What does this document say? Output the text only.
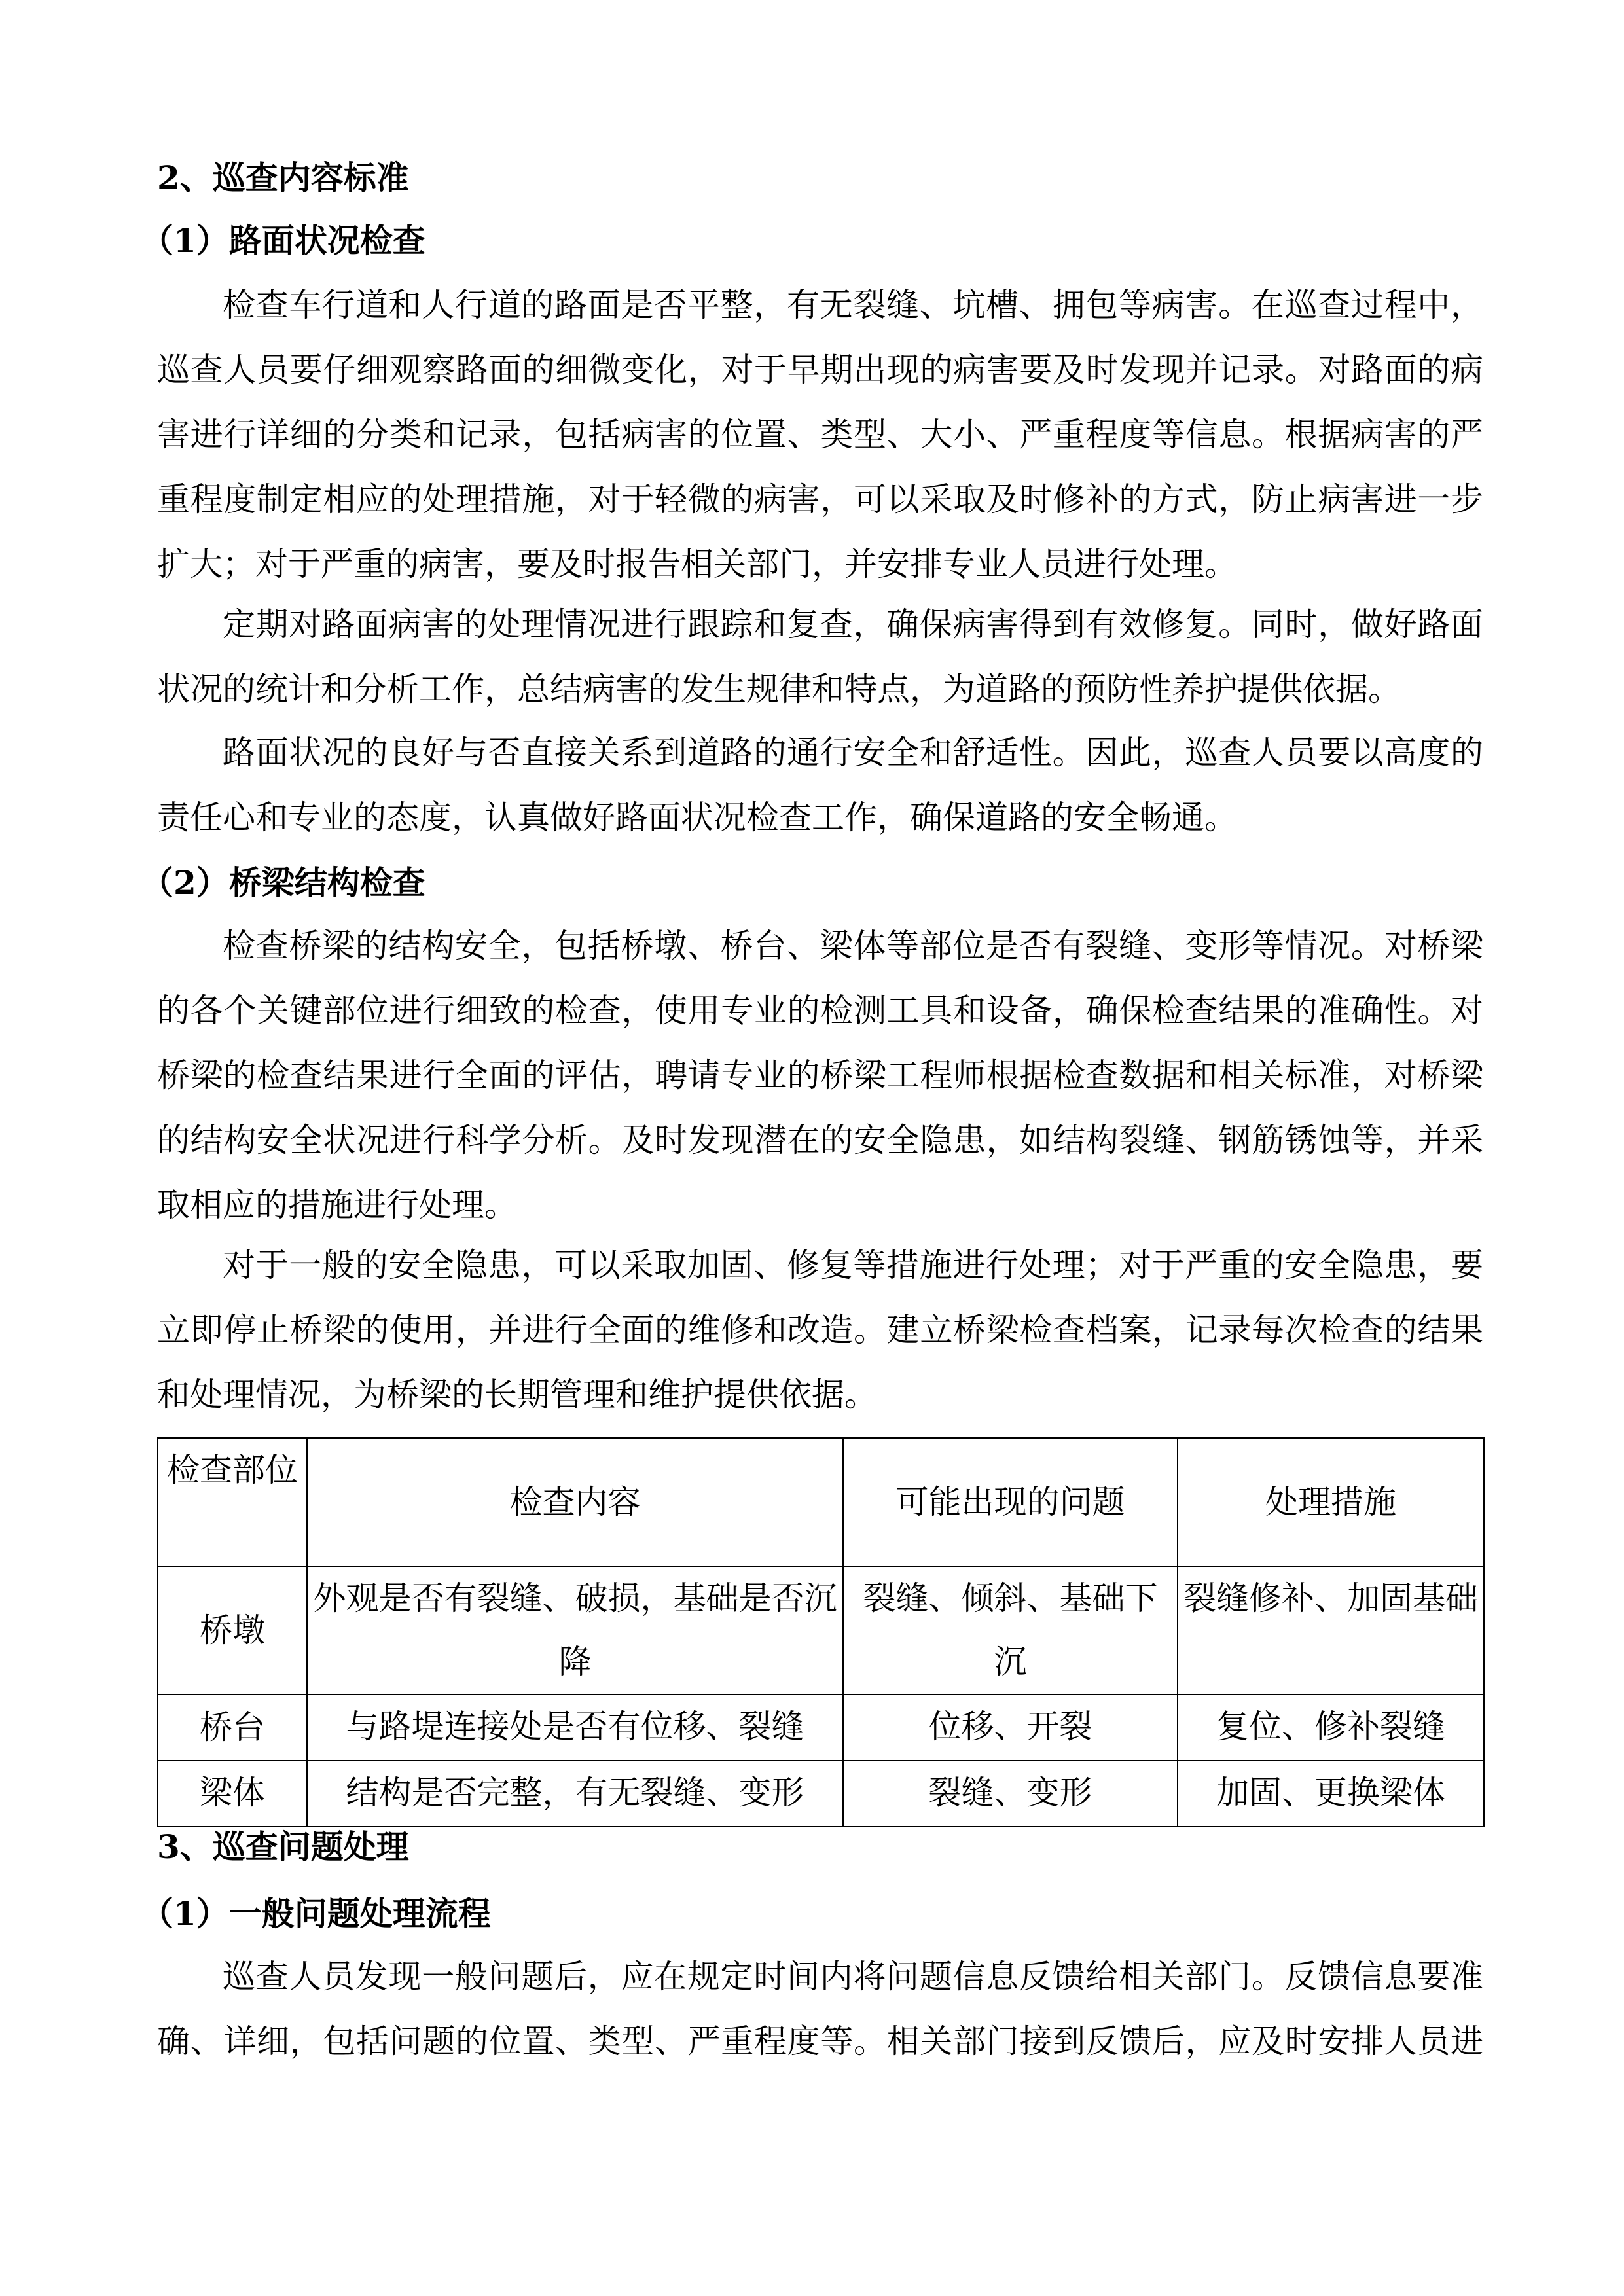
2、巡查内容标准
（1）路面状况检查
检查车行道和人行道的路面是否平整，有无裂缝、坑槽、拥包等病害。在巡查过程中，巡查人员要仔细观察路面的细微变化，对于早期出现的病害要及时发现并记录。对路面的病害进行详细的分类和记录，包括病害的位置、类型、大小、严重程度等信息。根据病害的严重程度制定相应的处理措施，对于轻微的病害，可以采取及时修补的方式，防止病害进一步扩大；对于严重的病害，要及时报告相关部门，并安排专业人员进行处理。
定期对路面病害的处理情况进行跟踪和复查，确保病害得到有效修复。同时，做好路面状况的统计和分析工作，总结病害的发生规律和特点，为道路的预防性养护提供依据。
路面状况的良好与否直接关系到道路的通行安全和舒适性。因此，巡查人员要以高度的责任心和专业的态度，认真做好路面状况检查工作，确保道路的安全畅通。
（2）桥梁结构检查
检查桥梁的结构安全，包括桥墩、桥台、梁体等部位是否有裂缝、变形等情况。对桥梁的各个关键部位进行细致的检查，使用专业的检测工具和设备，确保检查结果的准确性。对桥梁的检查结果进行全面的评估，聘请专业的桥梁工程师根据检查数据和相关标准，对桥梁的结构安全状况进行科学分析。及时发现潜在的安全隐患，如结构裂缝、钢筋锈蚀等，并采取相应的措施进行处理。
对于一般的安全隐患，可以采取加固、修复等措施进行处理；对于严重的安全隐患，要立即停止桥梁的使用，并进行全面的维修和改造。建立桥梁检查档案，记录每次检查的结果和处理情况，为桥梁的长期管理和维护提供依据。
检查部位	检查内容	可能出现的问题	处理措施
桥墩	外观是否有裂缝、破损，基础是否沉降	裂缝、倾斜、基础下沉	裂缝修补、加固基础
桥台	与路堤连接处是否有位移、裂缝	位移、开裂	复位、修补裂缝
梁体	结构是否完整，有无裂缝、变形	裂缝、变形	加固、更换梁体
3、巡查问题处理
（1）一般问题处理流程
巡查人员发现一般问题后，应在规定时间内将问题信息反馈给相关部门。反馈信息要准确、详细，包括问题的位置、类型、严重程度等。相关部门接到反馈后，应及时安排人员进
